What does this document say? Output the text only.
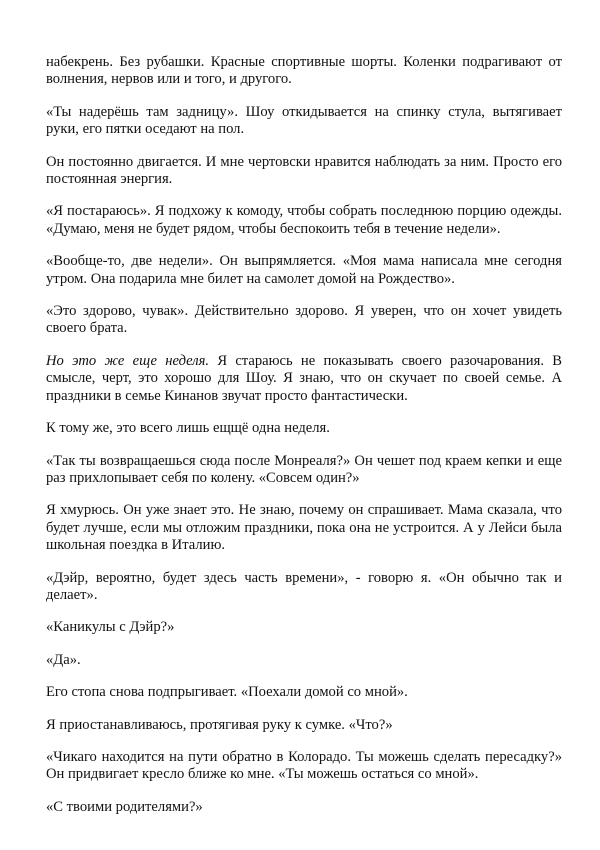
набекрень. Без рубашки. Красные спортивные шорты. Коленки подрагивают от волнения, нервов или и того, и другого.

«Ты надерёшь там задницу». Шоу откидывается на спинку стула, вытягивает руки, его пятки оседают на пол.

Он постоянно двигается. И мне чертовски нравится наблюдать за ним. Просто его постоянная энергия.

«Я постараюсь». Я подхожу к комоду, чтобы собрать последнюю порцию одежды. «Думаю, меня не будет рядом, чтобы беспокоить тебя в течение недели».

«Вообще-то, две недели». Он выпрямляется. «Моя мама написала мне сегодня утром. Она подарила мне билет на самолет домой на Рождество».

«Это здорово, чувак». Действительно здорово. Я уверен, что он хочет увидеть своего брата.

Но это же еще неделя. Я стараюсь не показывать своего разочарования. В смысле, черт, это хорошо для Шоу. Я знаю, что он скучает по своей семье. А праздники в семье Кинанов звучат просто фантастически.

К тому же, это всего лишь ещщё одна неделя.

«Так ты возвращаешься сюда после Монреаля?» Он чешет под краем кепки и еще раз прихлопывает себя по колену. «Совсем один?»

Я хмурюсь. Он уже знает это. Не знаю, почему он спрашивает. Мама сказала, что будет лучше, если мы отложим праздники, пока она не устроится. А у Лейси была школьная поездка в Италию.

«Дэйр, вероятно, будет здесь часть времени», - говорю я. «Он обычно так и делает».

«Каникулы с Дэйр?»

«Да».

Его стопа снова подпрыгивает. «Поехали домой со мной».

Я приостанавливаюсь, протягивая руку к сумке. «Что?»

«Чикаго находится на пути обратно в Колорадо. Ты можешь сделать пересадку?» Он придвигает кресло ближе ко мне. «Ты можешь остаться со мной».

«С твоими родителями?»
